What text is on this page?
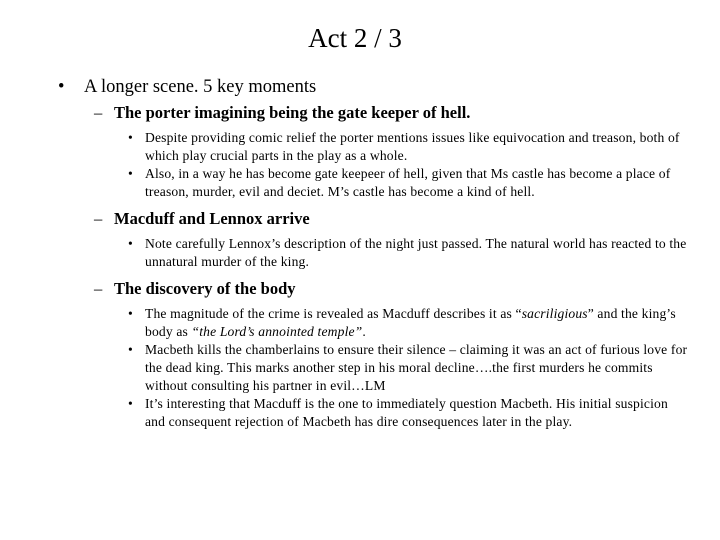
Act 2 / 3
• A longer scene. 5 key moments
– The porter imagining being the gate keeper of hell.
• Despite providing comic relief the porter mentions issues like equivocation and treason, both of which play crucial parts in the play as a whole.
• Also, in a way he has become gate keepeer of hell, given that Ms castle has become a place of treason, murder, evil and deciet. M’s castle has become a kind of hell.
– Macduff and Lennox arrive
• Note carefully Lennox’s description of the night just passed. The natural world has reacted to the unnatural murder of the king.
– The discovery of the body
• The magnitude of the crime is revealed as Macduff describes it as “sacriligious” and the king’s body as “the Lord’s annointed temple”.
• Macbeth kills the chamberlains to ensure their silence – claiming it was an act of furious love for the dead king. This marks another step in his moral decline….the first murders he commits without consulting his partner in evil…LM
• It’s interesting that Macduff is the one to immediately question Macbeth. His initial suspicion and consequent rejection of Macbeth has dire consequences later in the play.
